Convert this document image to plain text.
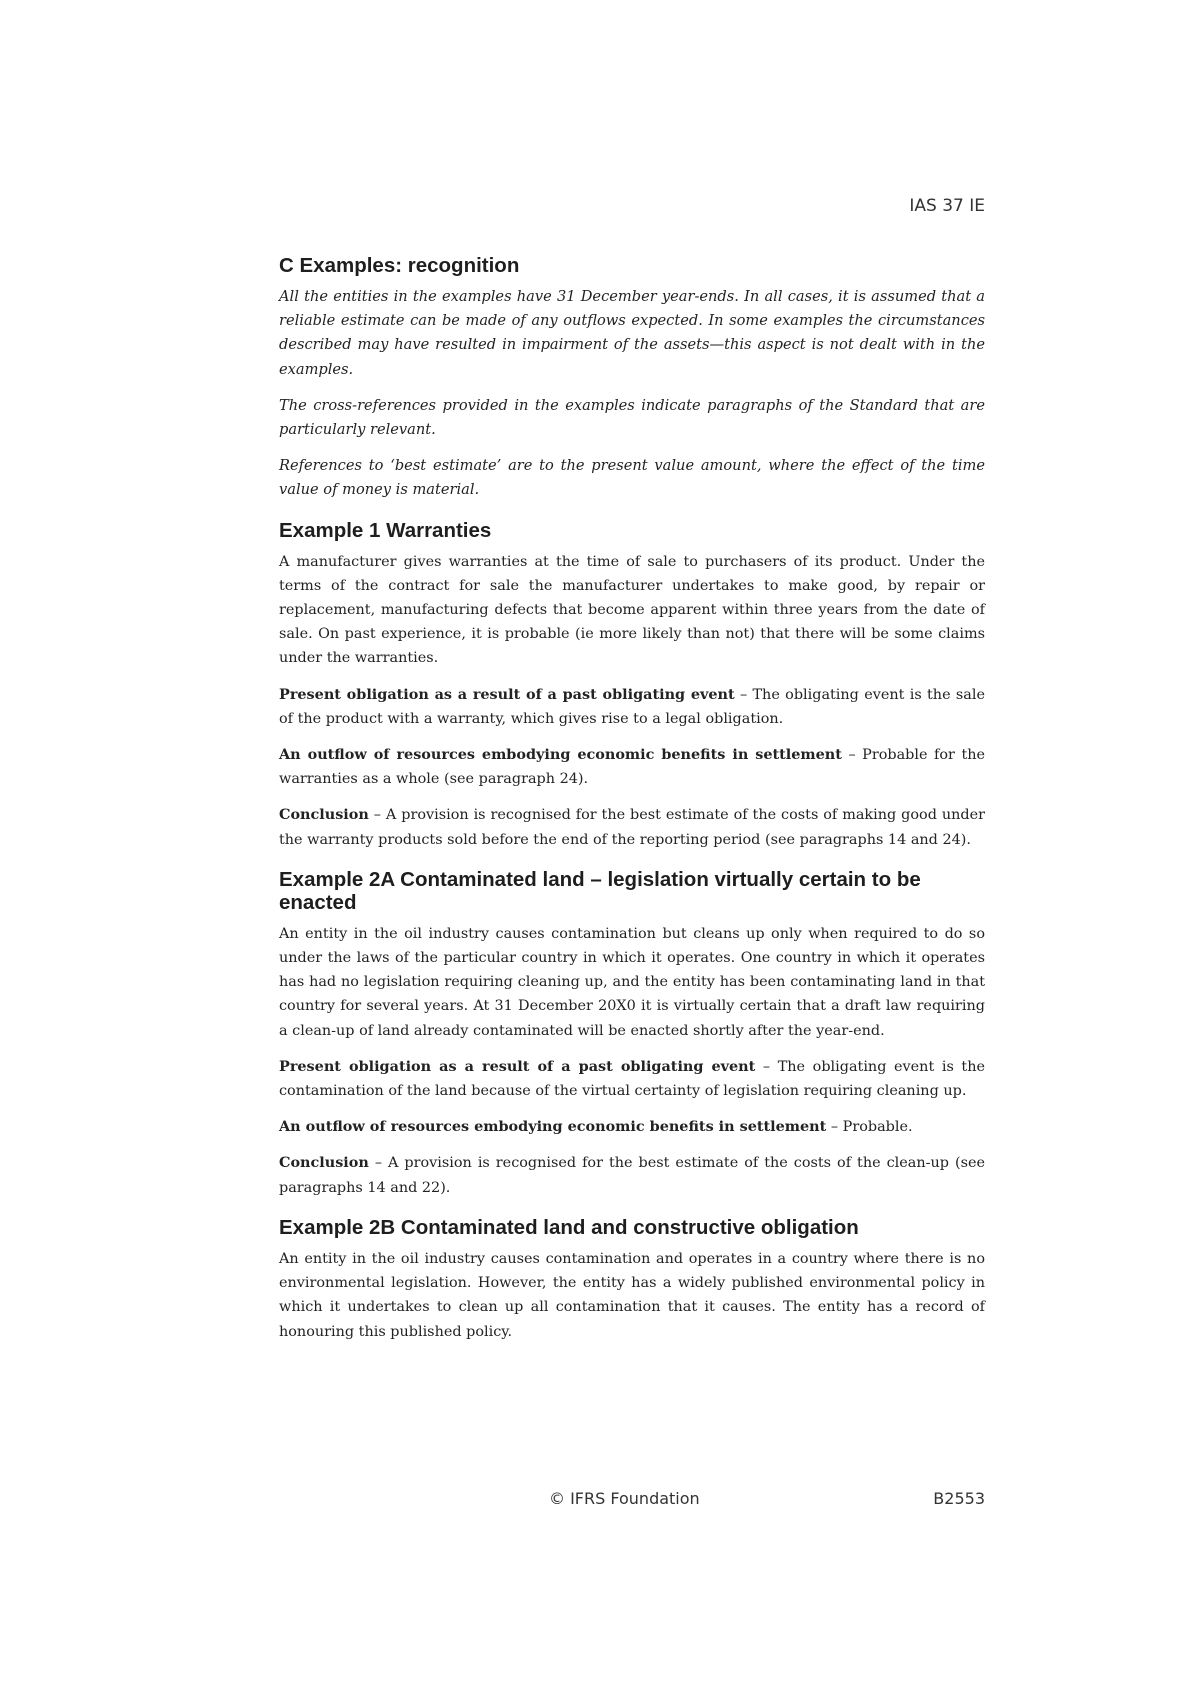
IAS 37 IE
C Examples: recognition

All the entities in the examples have 31 December year-ends. In all cases, it is assumed that a reliable estimate can be made of any outflows expected. In some examples the circumstances described may have resulted in impairment of the assets—this aspect is not dealt with in the examples.

The cross-references provided in the examples indicate paragraphs of the Standard that are particularly relevant.

References to ‘best estimate’ are to the present value amount, where the effect of the time value of money is material.

Example 1 Warranties

A manufacturer gives warranties at the time of sale to purchasers of its product. Under the terms of the contract for sale the manufacturer undertakes to make good, by repair or replacement, manufacturing defects that become apparent within three years from the date of sale. On past experience, it is probable (ie more likely than not) that there will be some claims under the warranties.

Present obligation as a result of a past obligating event – The obligating event is the sale of the product with a warranty, which gives rise to a legal obligation.

An outflow of resources embodying economic benefits in settlement – Probable for the warranties as a whole (see paragraph 24).

Conclusion – A provision is recognised for the best estimate of the costs of making good under the warranty products sold before the end of the reporting period (see paragraphs 14 and 24).

Example 2A Contaminated land – legislation virtually certain to be enacted

An entity in the oil industry causes contamination but cleans up only when required to do so under the laws of the particular country in which it operates. One country in which it operates has had no legislation requiring cleaning up, and the entity has been contaminating land in that country for several years. At 31 December 20X0 it is virtually certain that a draft law requiring a clean-up of land already contaminated will be enacted shortly after the year-end.

Present obligation as a result of a past obligating event – The obligating event is the contamination of the land because of the virtual certainty of legislation requiring cleaning up.

An outflow of resources embodying economic benefits in settlement – Probable.

Conclusion – A provision is recognised for the best estimate of the costs of the clean-up (see paragraphs 14 and 22).

Example 2B Contaminated land and constructive obligation

An entity in the oil industry causes contamination and operates in a country where there is no environmental legislation. However, the entity has a widely published environmental policy in which it undertakes to clean up all contamination that it causes. The entity has a record of honouring this published policy.

© IFRS Foundation	B2553
